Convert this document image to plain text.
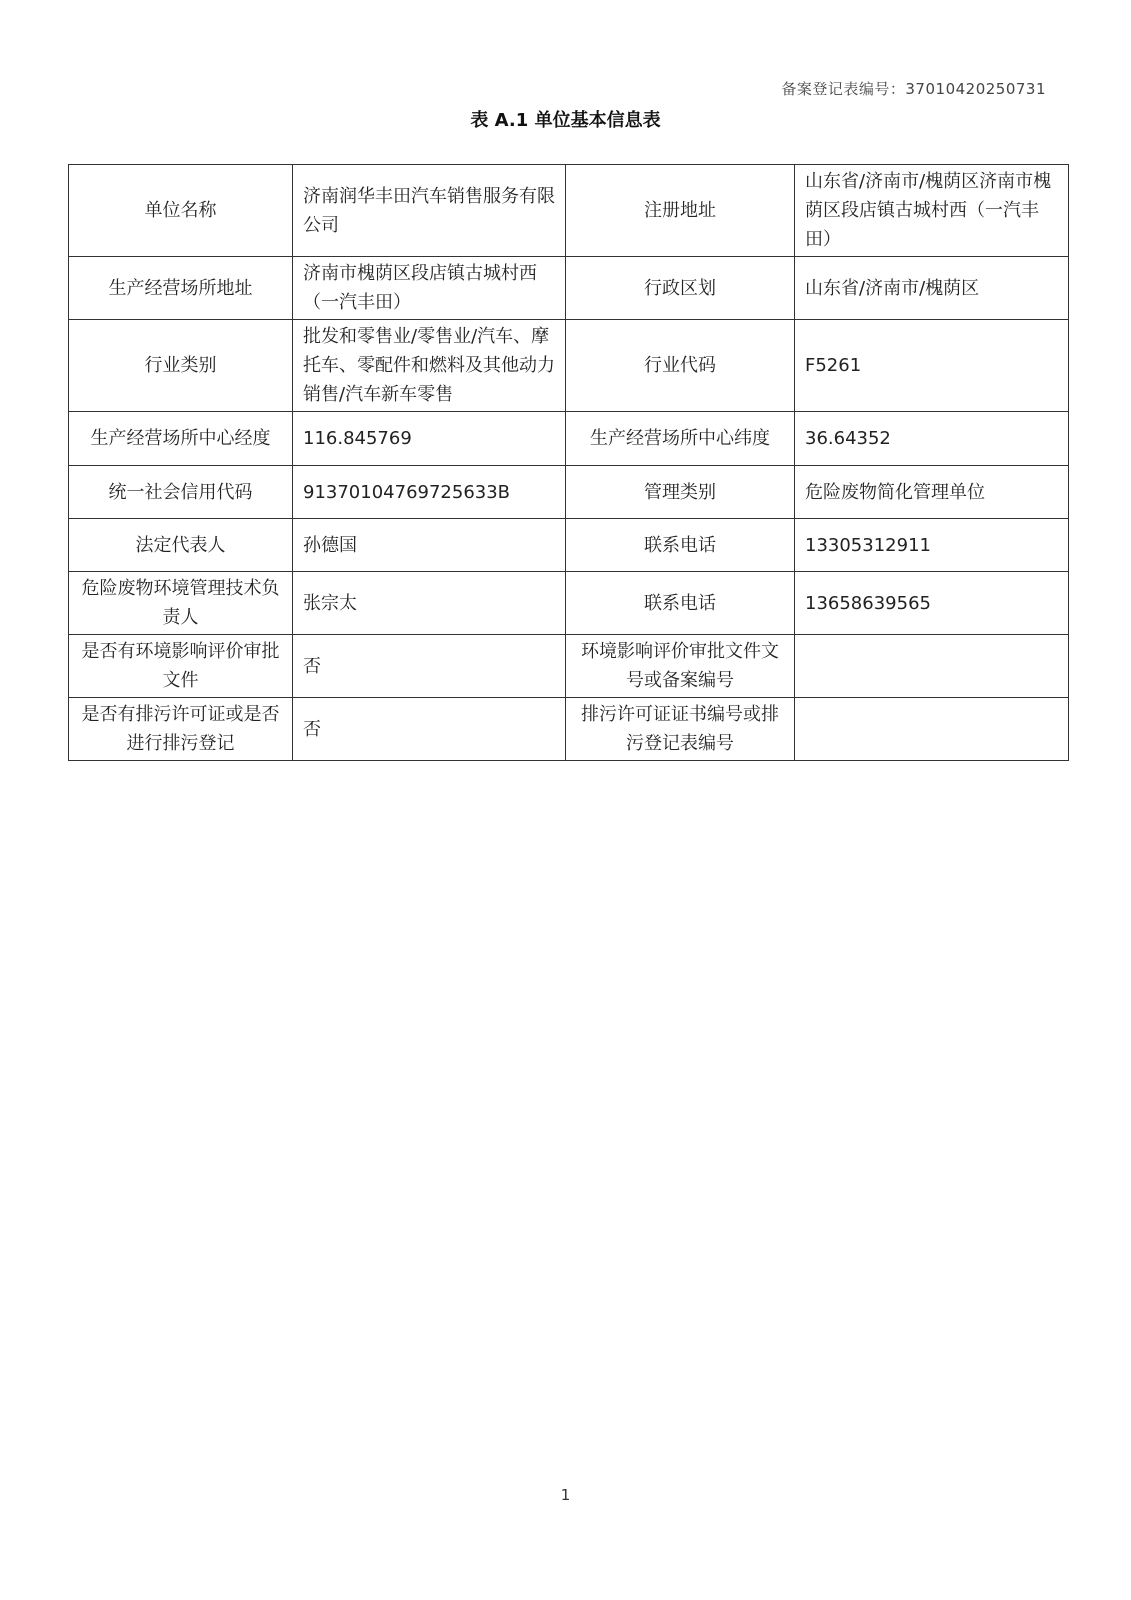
备案登记表编号：37010420250731
表 A.1 单位基本信息表
单位名称	济南润华丰田汽车销售服务有限公司	注册地址	山东省/济南市/槐荫区济南市槐荫区段店镇古城村西（一汽丰田）
生产经营场所地址	济南市槐荫区段店镇古城村西（一汽丰田）	行政区划	山东省/济南市/槐荫区
行业类别	批发和零售业/零售业/汽车、摩托车、零配件和燃料及其他动力销售/汽车新车零售	行业代码	F5261
生产经营场所中心经度	116.845769	生产经营场所中心纬度	36.64352
统一社会信用代码	91370104769725633B	管理类别	危险废物简化管理单位
法定代表人	孙德国	联系电话	13305312911
危险废物环境管理技术负责人	张宗太	联系电话	13658639565
是否有环境影响评价审批文件	否	环境影响评价审批文件文号或备案编号	
是否有排污许可证或是否进行排污登记	否	排污许可证证书编号或排污登记表编号	
1
